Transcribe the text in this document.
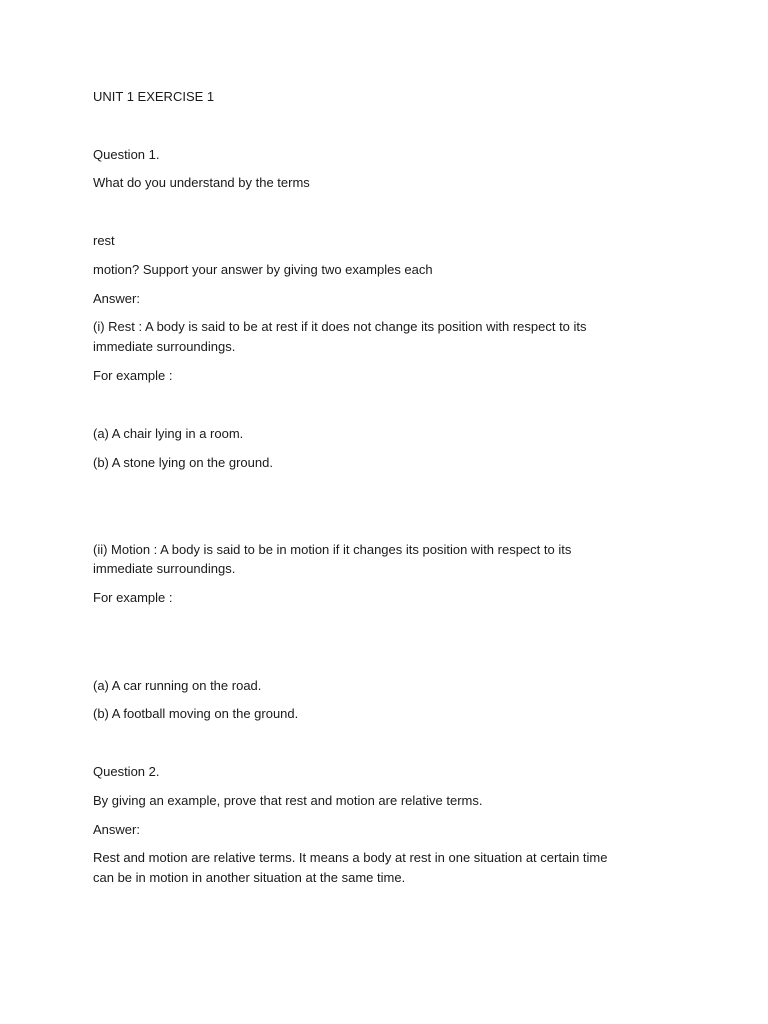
UNIT 1 EXERCISE 1
Question 1.
What do you understand by the terms
rest
motion? Support your answer by giving two examples each
Answer:
(i) Rest : A body is said to be at rest if it does not change its position with respect to its
immediate surroundings.
For example :
(a) A chair lying in a room.
(b) A stone lying on the ground.
(ii) Motion : A body is said to be in motion if it changes its position with respect to its
immediate surroundings.
For example :
(a) A car running on the road.
(b) A football moving on the ground.
Question 2.
By giving an example, prove that rest and motion are relative terms.
Answer:
Rest and motion are relative terms. It means a body at rest in one situation at certain time
can be in motion in another situation at the same time.
